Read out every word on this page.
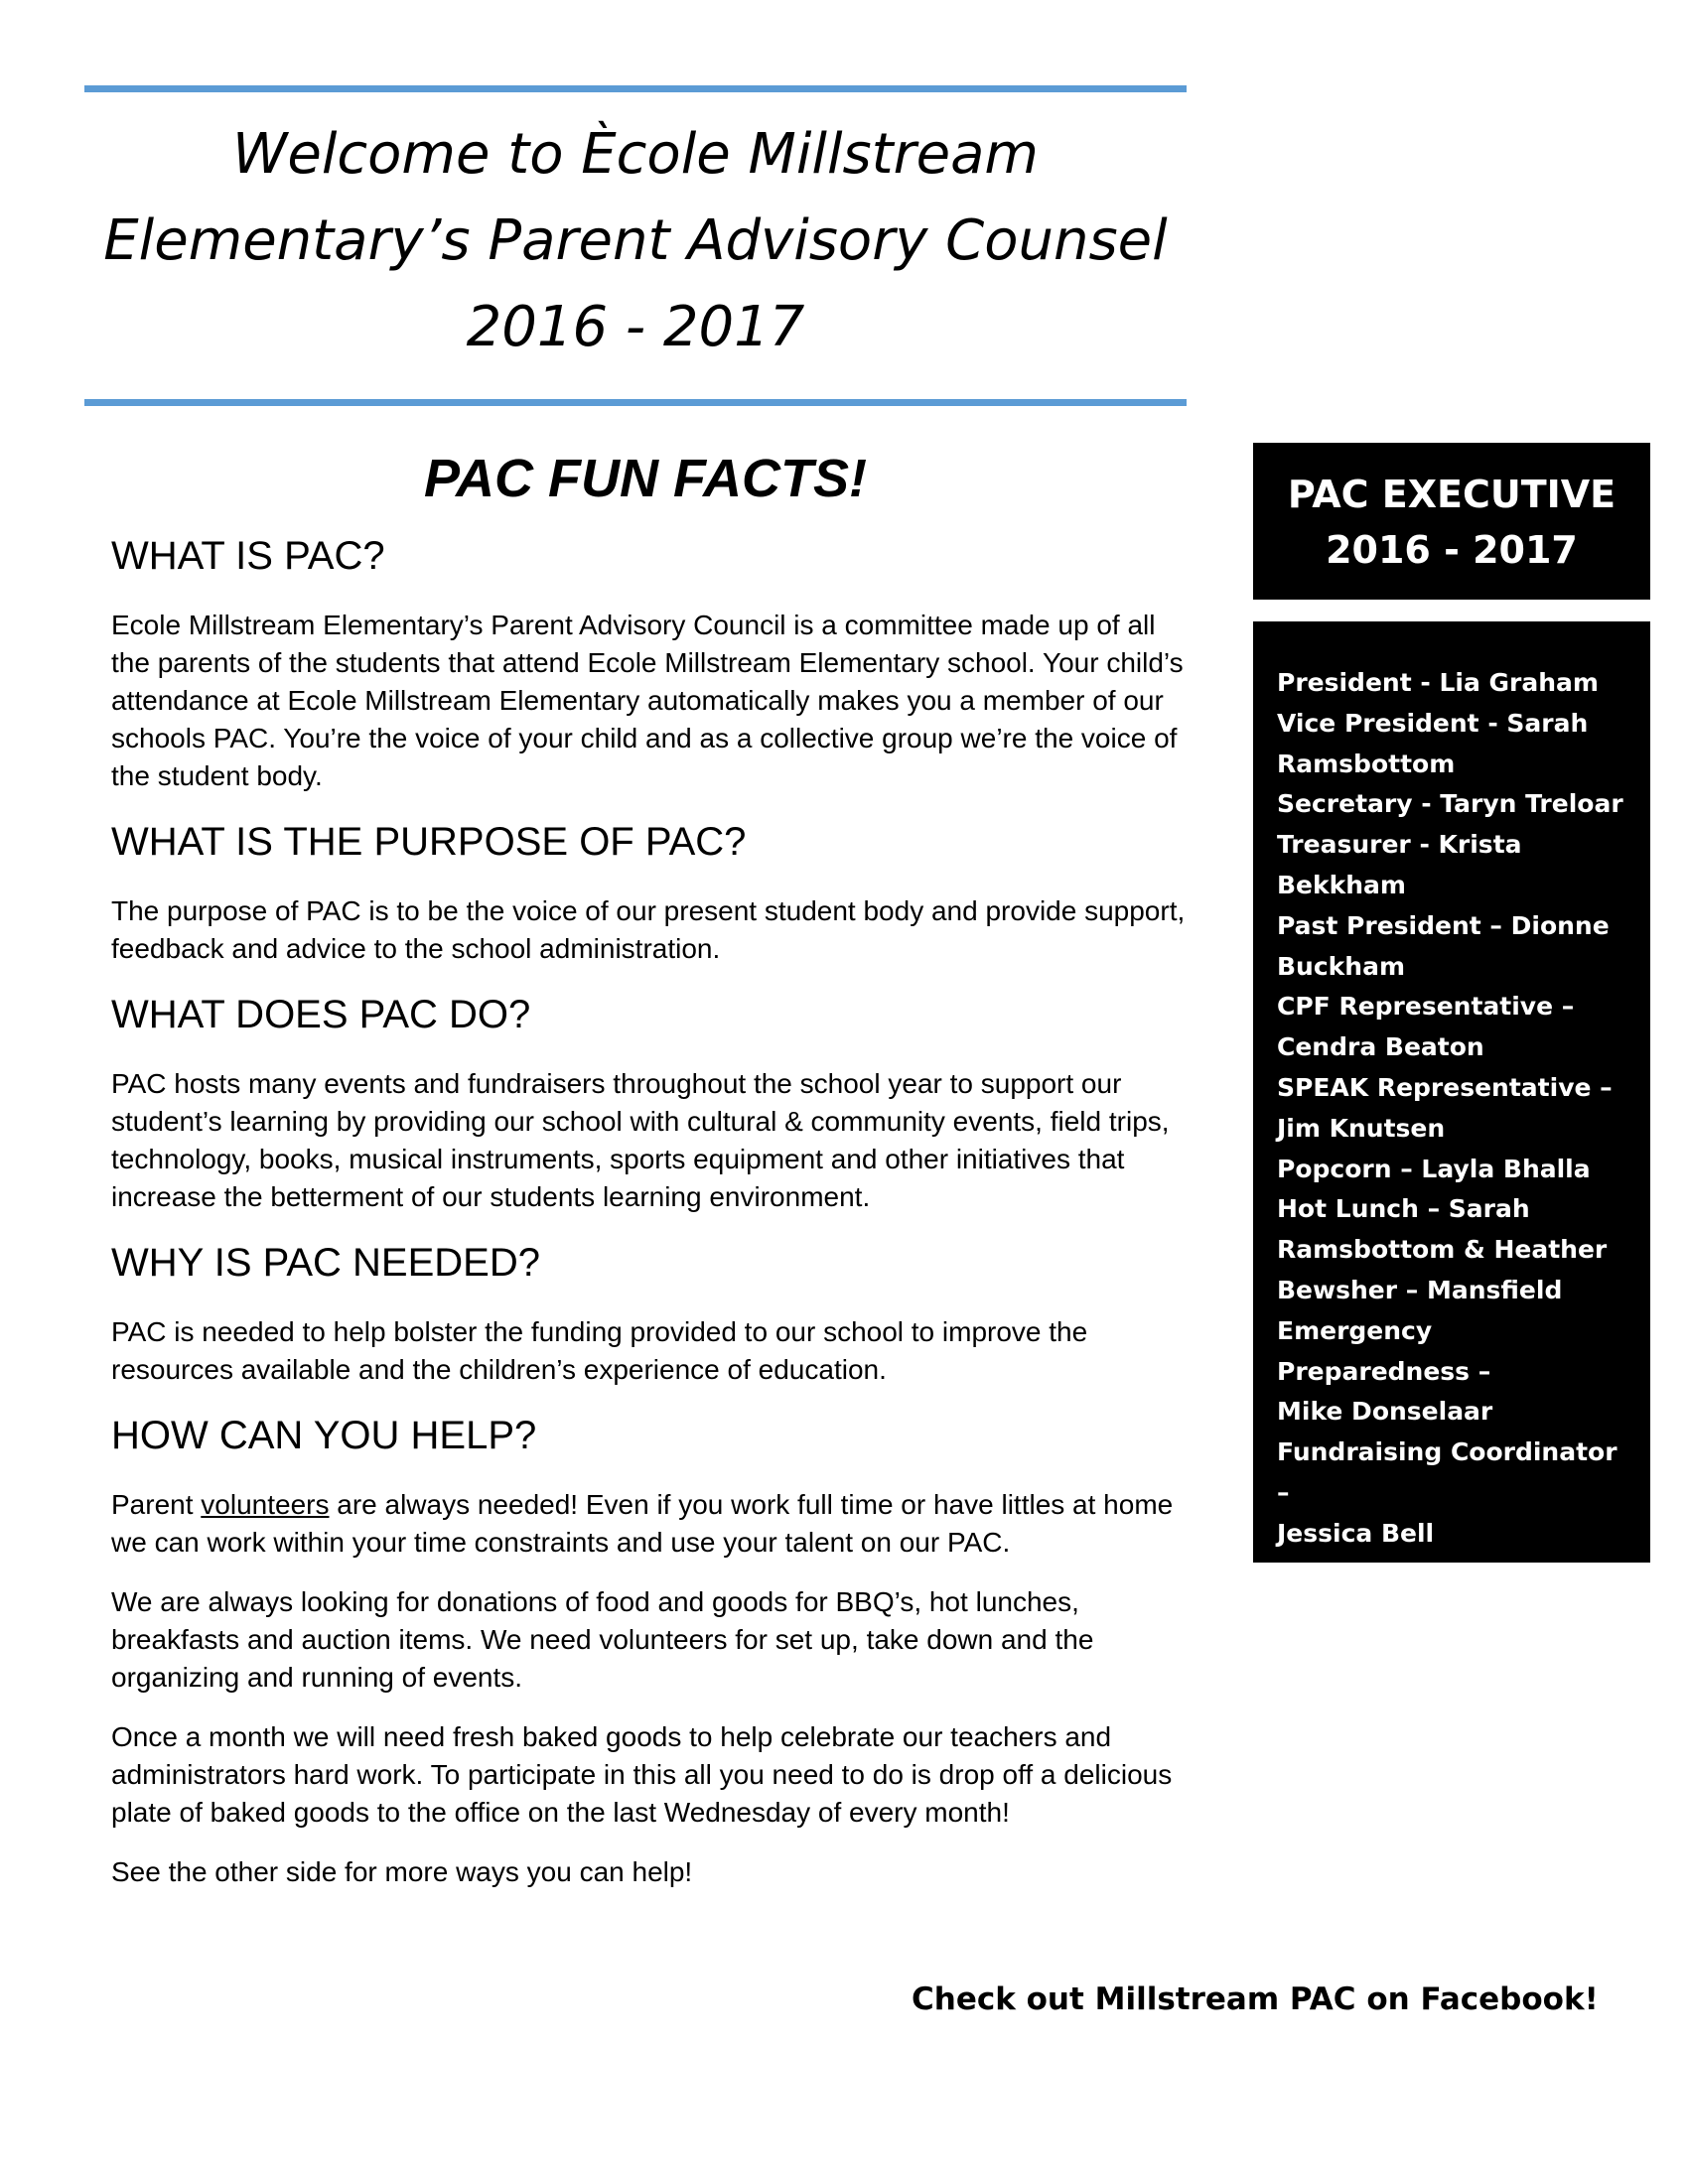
Welcome to Ècole Millstream
Elementary’s Parent Advisory Counsel
2016 - 2017
PAC FUN FACTS!
WHAT IS PAC?

Ecole Millstream Elementary’s Parent Advisory Council is a committee made up of all the parents of the students that attend Ecole Millstream Elementary school. Your child’s attendance at Ecole Millstream Elementary automatically makes you a member of our schools PAC. You’re the voice of your child and as a collective group we’re the voice of the student body.

WHAT IS THE PURPOSE OF PAC?

The purpose of PAC is to be the voice of our present student body and provide support, feedback and advice to the school administration.

WHAT DOES PAC DO?

PAC hosts many events and fundraisers throughout the school year to support our student’s learning by providing our school with cultural & community events, field trips, technology, books, musical instruments, sports equipment and other initiatives that increase the betterment of our students learning environment.

WHY IS PAC NEEDED?

PAC is needed to help bolster the funding provided to our school to improve the resources available and the children’s experience of education.

HOW CAN YOU HELP?

Parent volunteers are always needed! Even if you work full time or have littles at home we can work within your time constraints and use your talent on our PAC.

We are always looking for donations of food and goods for BBQ’s, hot lunches, breakfasts and auction items. We need volunteers for set up, take down and the organizing and running of events.

Once a month we will need fresh baked goods to help celebrate our teachers and administrators hard work. To participate in this all you need to do is drop off a delicious plate of baked goods to the office on the last Wednesday of every month!

See the other side for more ways you can help!

PAC EXECUTIVE
2016 - 2017
President - Lia Graham
Vice President - Sarah
Ramsbottom
Secretary - Taryn Treloar
Treasurer - Krista Bekkham
Past President – Dionne
Buckham
CPF Representative –
Cendra Beaton
SPEAK Representative –
Jim Knutsen
Popcorn – Layla Bhalla
Hot Lunch – Sarah
Ramsbottom & Heather
Bewsher – Mansfield
Emergency Preparedness –
Mike Donselaar
Fundraising Coordinator –
Jessica Bell
Sign – Mark Ralph & Tracy
Raven

Check out Millstream PAC on Facebook!
